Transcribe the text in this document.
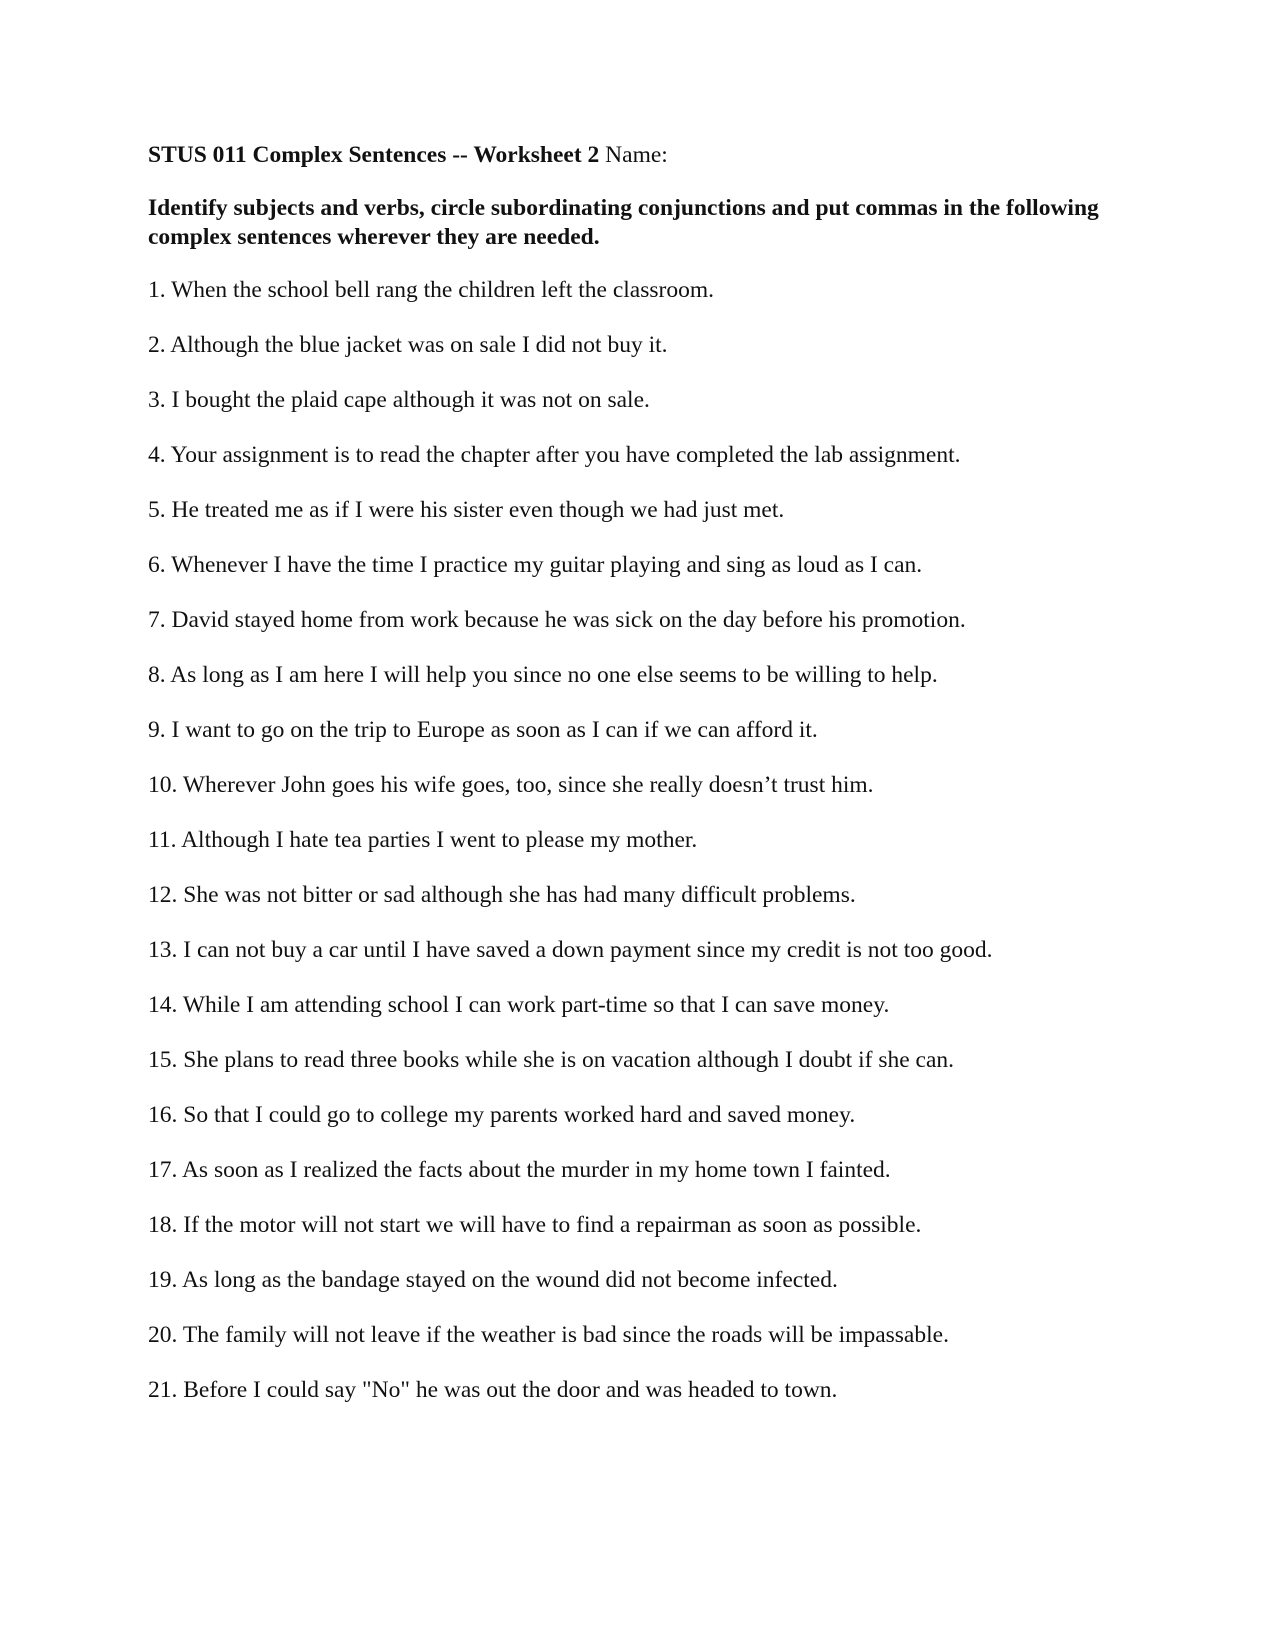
STUS 011 Complex Sentences -- Worksheet 2 Name:

Identify subjects and verbs, circle subordinating conjunctions and put commas in the following complex sentences wherever they are needed.

1. When the school bell rang the children left the classroom.
2. Although the blue jacket was on sale I did not buy it.
3. I bought the plaid cape although it was not on sale.
4. Your assignment is to read the chapter after you have completed the lab assignment.
5. He treated me as if I were his sister even though we had just met.
6. Whenever I have the time I practice my guitar playing and sing as loud as I can.
7. David stayed home from work because he was sick on the day before his promotion.
8. As long as I am here I will help you since no one else seems to be willing to help.
9. I want to go on the trip to Europe as soon as I can if we can afford it.
10. Wherever John goes his wife goes, too, since she really doesn’t trust him.
11. Although I hate tea parties I went to please my mother.
12. She was not bitter or sad although she has had many difficult problems.
13. I can not buy a car until I have saved a down payment since my credit is not too good.
14. While I am attending school I can work part-time so that I can save money.
15. She plans to read three books while she is on vacation although I doubt if she can.
16. So that I could go to college my parents worked hard and saved money.
17. As soon as I realized the facts about the murder in my home town I fainted.
18. If the motor will not start we will have to find a repairman as soon as possible.
19. As long as the bandage stayed on the wound did not become infected.
20. The family will not leave if the weather is bad since the roads will be impassable.
21. Before I could say "No" he was out the door and was headed to town.
